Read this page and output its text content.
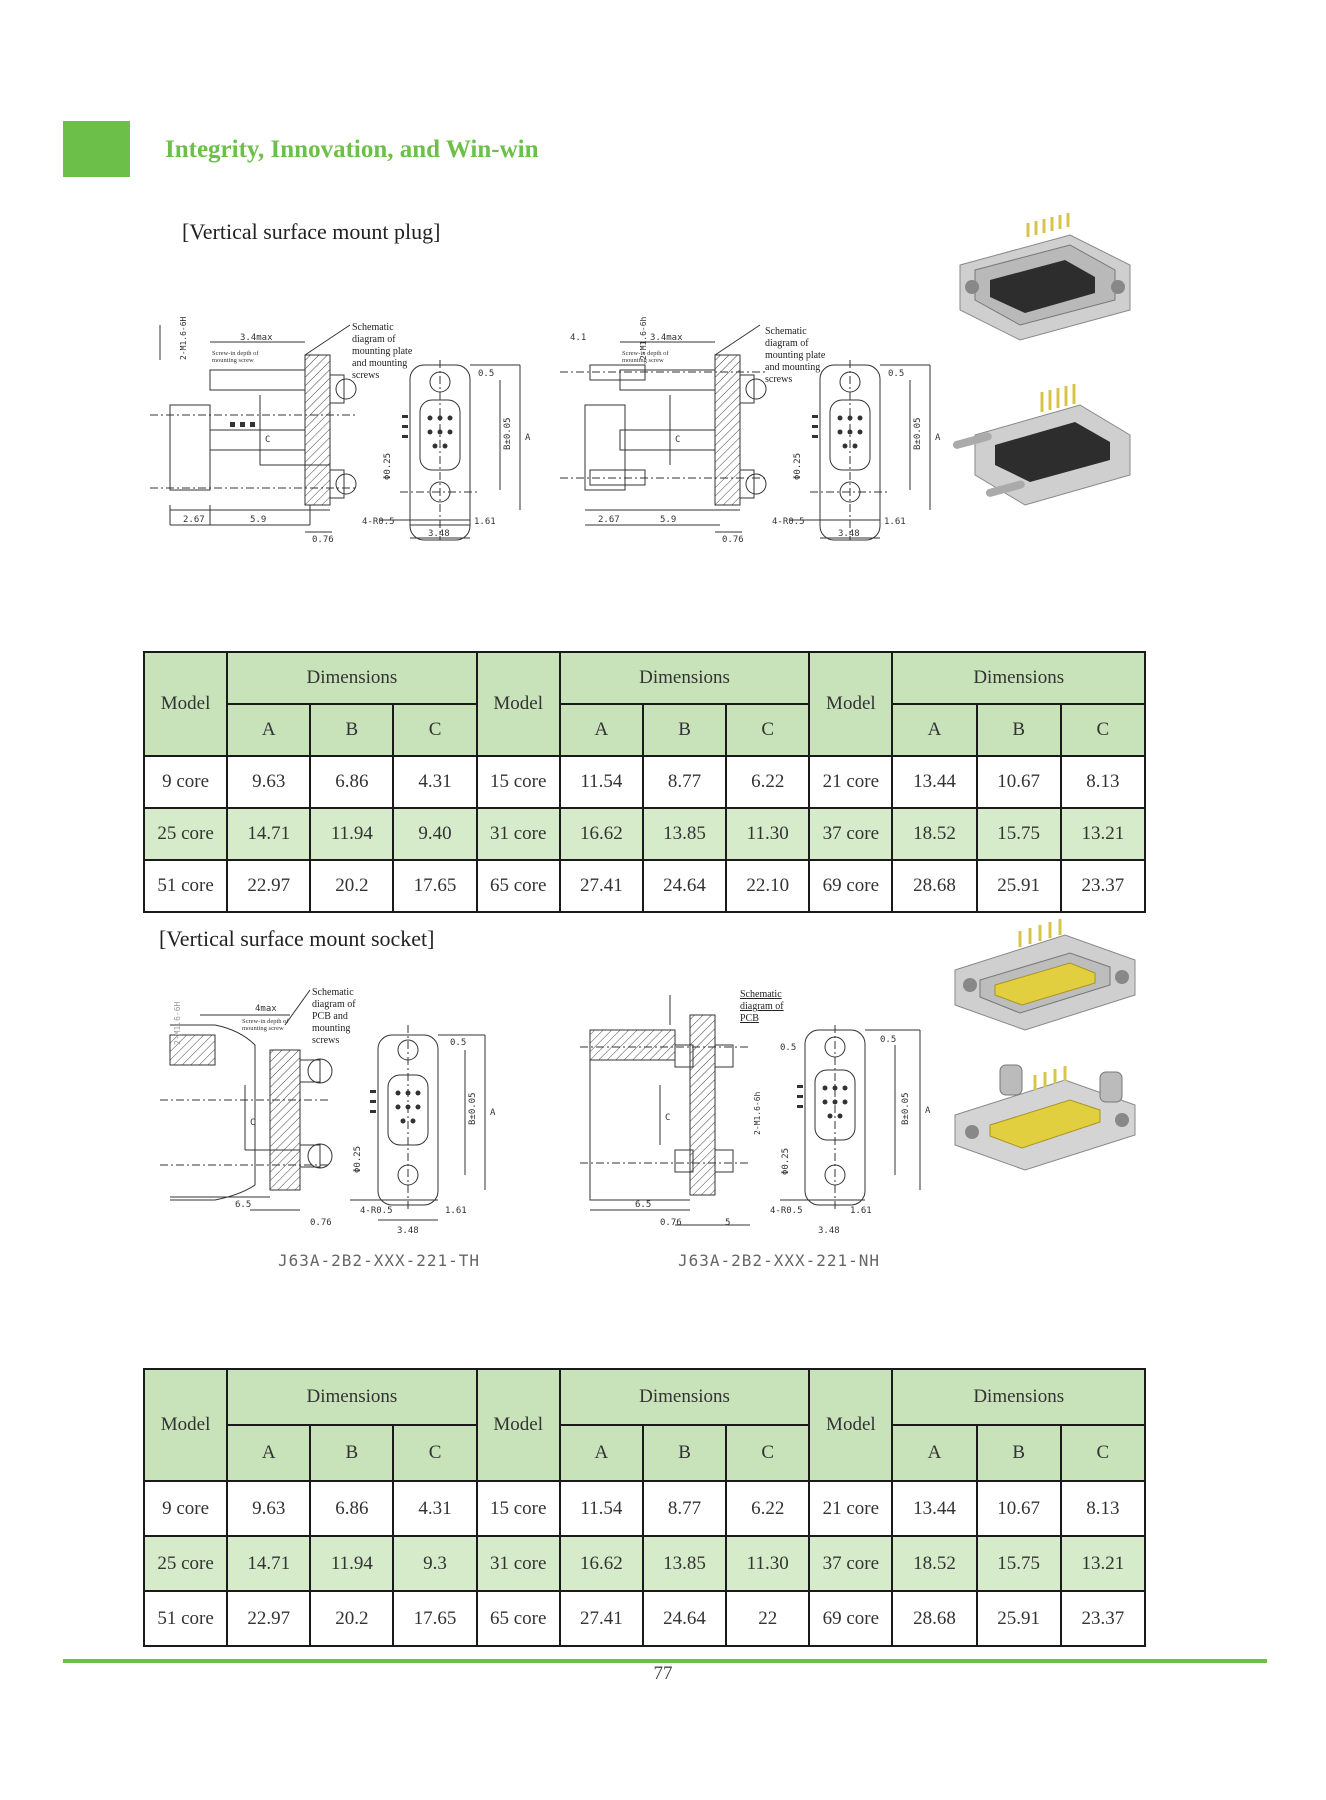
Integrity, Innovation, and Win-win
[Vertical surface mount plug]
3.4max
Screw-in depth of
mounting screw
2.67	5.9
0.76
0.5
4-R0.5
3.48
1.61
C	A
Φ0.25
B±0.05
2-M1.6-6H	Schematic
diagram of
mounting plate
and mounting
screws
4.1	3.4max
Screw-in depth of
mounting screw
2.67	5.9
0.76
0.5
4-R0.5
3.48
1.61
C	A
Φ0.25
B±0.05
2-M1.6-6h	Schematic
diagram of
mounting plate
and mounting
screws
Model	Dimensions			Model	Dimensions			Model	Dimensions		
	A	B	C		A	B	C		A	B	C
9 core	9.63	6.86	4.31	15 core	11.54	8.77	6.22	21 core	13.44	10.67	8.13
25 core	14.71	11.94	9.40	31 core	16.62	13.85	11.30	37 core	18.52	15.75	13.21
51 core	22.97	20.2	17.65	65 core	27.41	24.64	22.10	69 core	28.68	25.91	23.37
[Vertical surface mount socket]
4max
Screw-in depth of
mounting screw
6.5
0.76
0.5
4-R0.5
3.48
1.61
C
A
Φ0.25
B±0.05
2-M1.6-6H
Schematic
diagram of
PCB and
mounting
screws
J63A-2B2-XXX-221-TH
6.5
0.76	5
0.5
0.5
4-R0.5
3.48
1.61
C
A
Φ0.25
B±0.05
2-M1.6-6h
Schematic
diagram of
PCB
J63A-2B2-XXX-221-NH
Model	Dimensions			Model	Dimensions			Model	Dimensions		
	A	B	C		A	B	C		A	B	C
9 core	9.63	6.86	4.31	15 core	11.54	8.77	6.22	21 core	13.44	10.67	8.13
25 core	14.71	11.94	9.3	31 core	16.62	13.85	11.30	37 core	18.52	15.75	13.21
51 core	22.97	20.2	17.65	65 core	27.41	24.64	22	69 core	28.68	25.91	23.37
77
